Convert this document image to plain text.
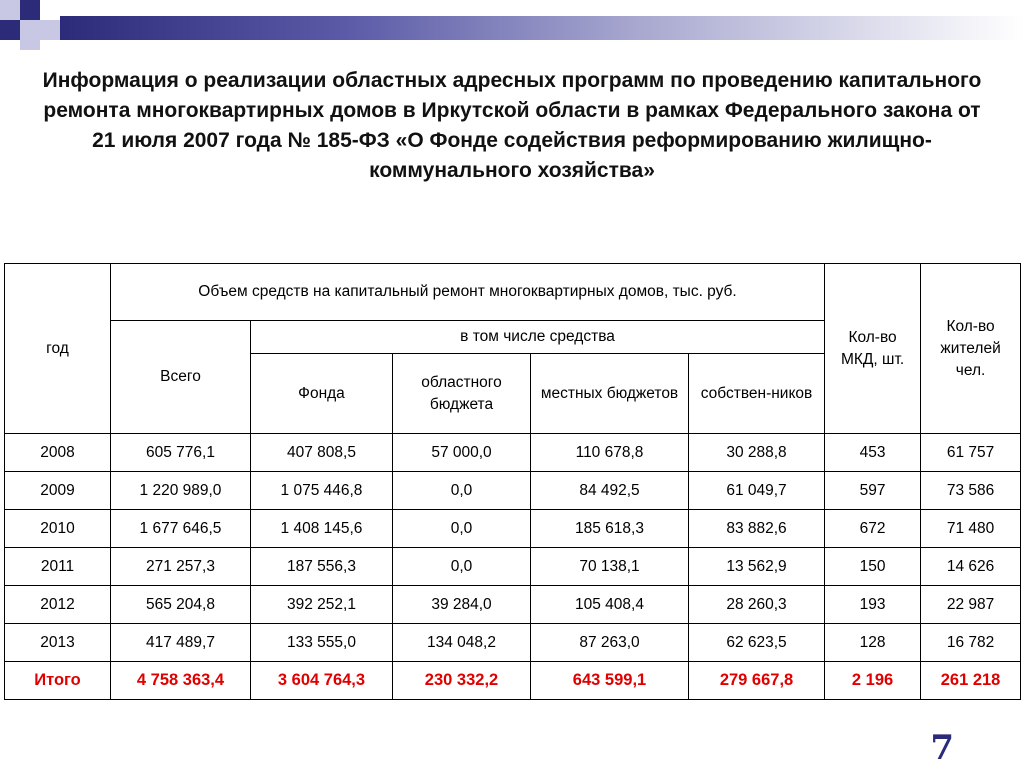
Информация о реализации областных адресных программ по проведению капитального ремонта многоквартирных домов в Иркутской области в рамках Федерального закона от 21 июля 2007 года № 185-ФЗ «О Фонде содействия реформированию жилищно-коммунального хозяйства»
год	Объем средств на капитальный ремонт многоквартирных домов, тыс. руб.					Кол-во МКД, шт.	Кол-во жителей чел.
	Всего	в том числе средства					
		Фонда	областного бюджета	местных бюджетов	собствен-ников		
2008	605 776,1	407 808,5	57 000,0	110 678,8	30 288,8	453	61 757
2009	1 220 989,0	1 075 446,8	0,0	84 492,5	61 049,7	597	73 586
2010	1 677 646,5	1 408 145,6	0,0	185 618,3	83 882,6	672	71 480
2011	271 257,3	187 556,3	0,0	70 138,1	13 562,9	150	14 626
2012	565 204,8	392 252,1	39 284,0	105 408,4	28 260,3	193	22 987
2013	417 489,7	133 555,0	134 048,2	87 263,0	62 623,5	128	16 782
Итого	4 758 363,4	3 604 764,3	230 332,2	643 599,1	279 667,8	2 196	261 218
7
